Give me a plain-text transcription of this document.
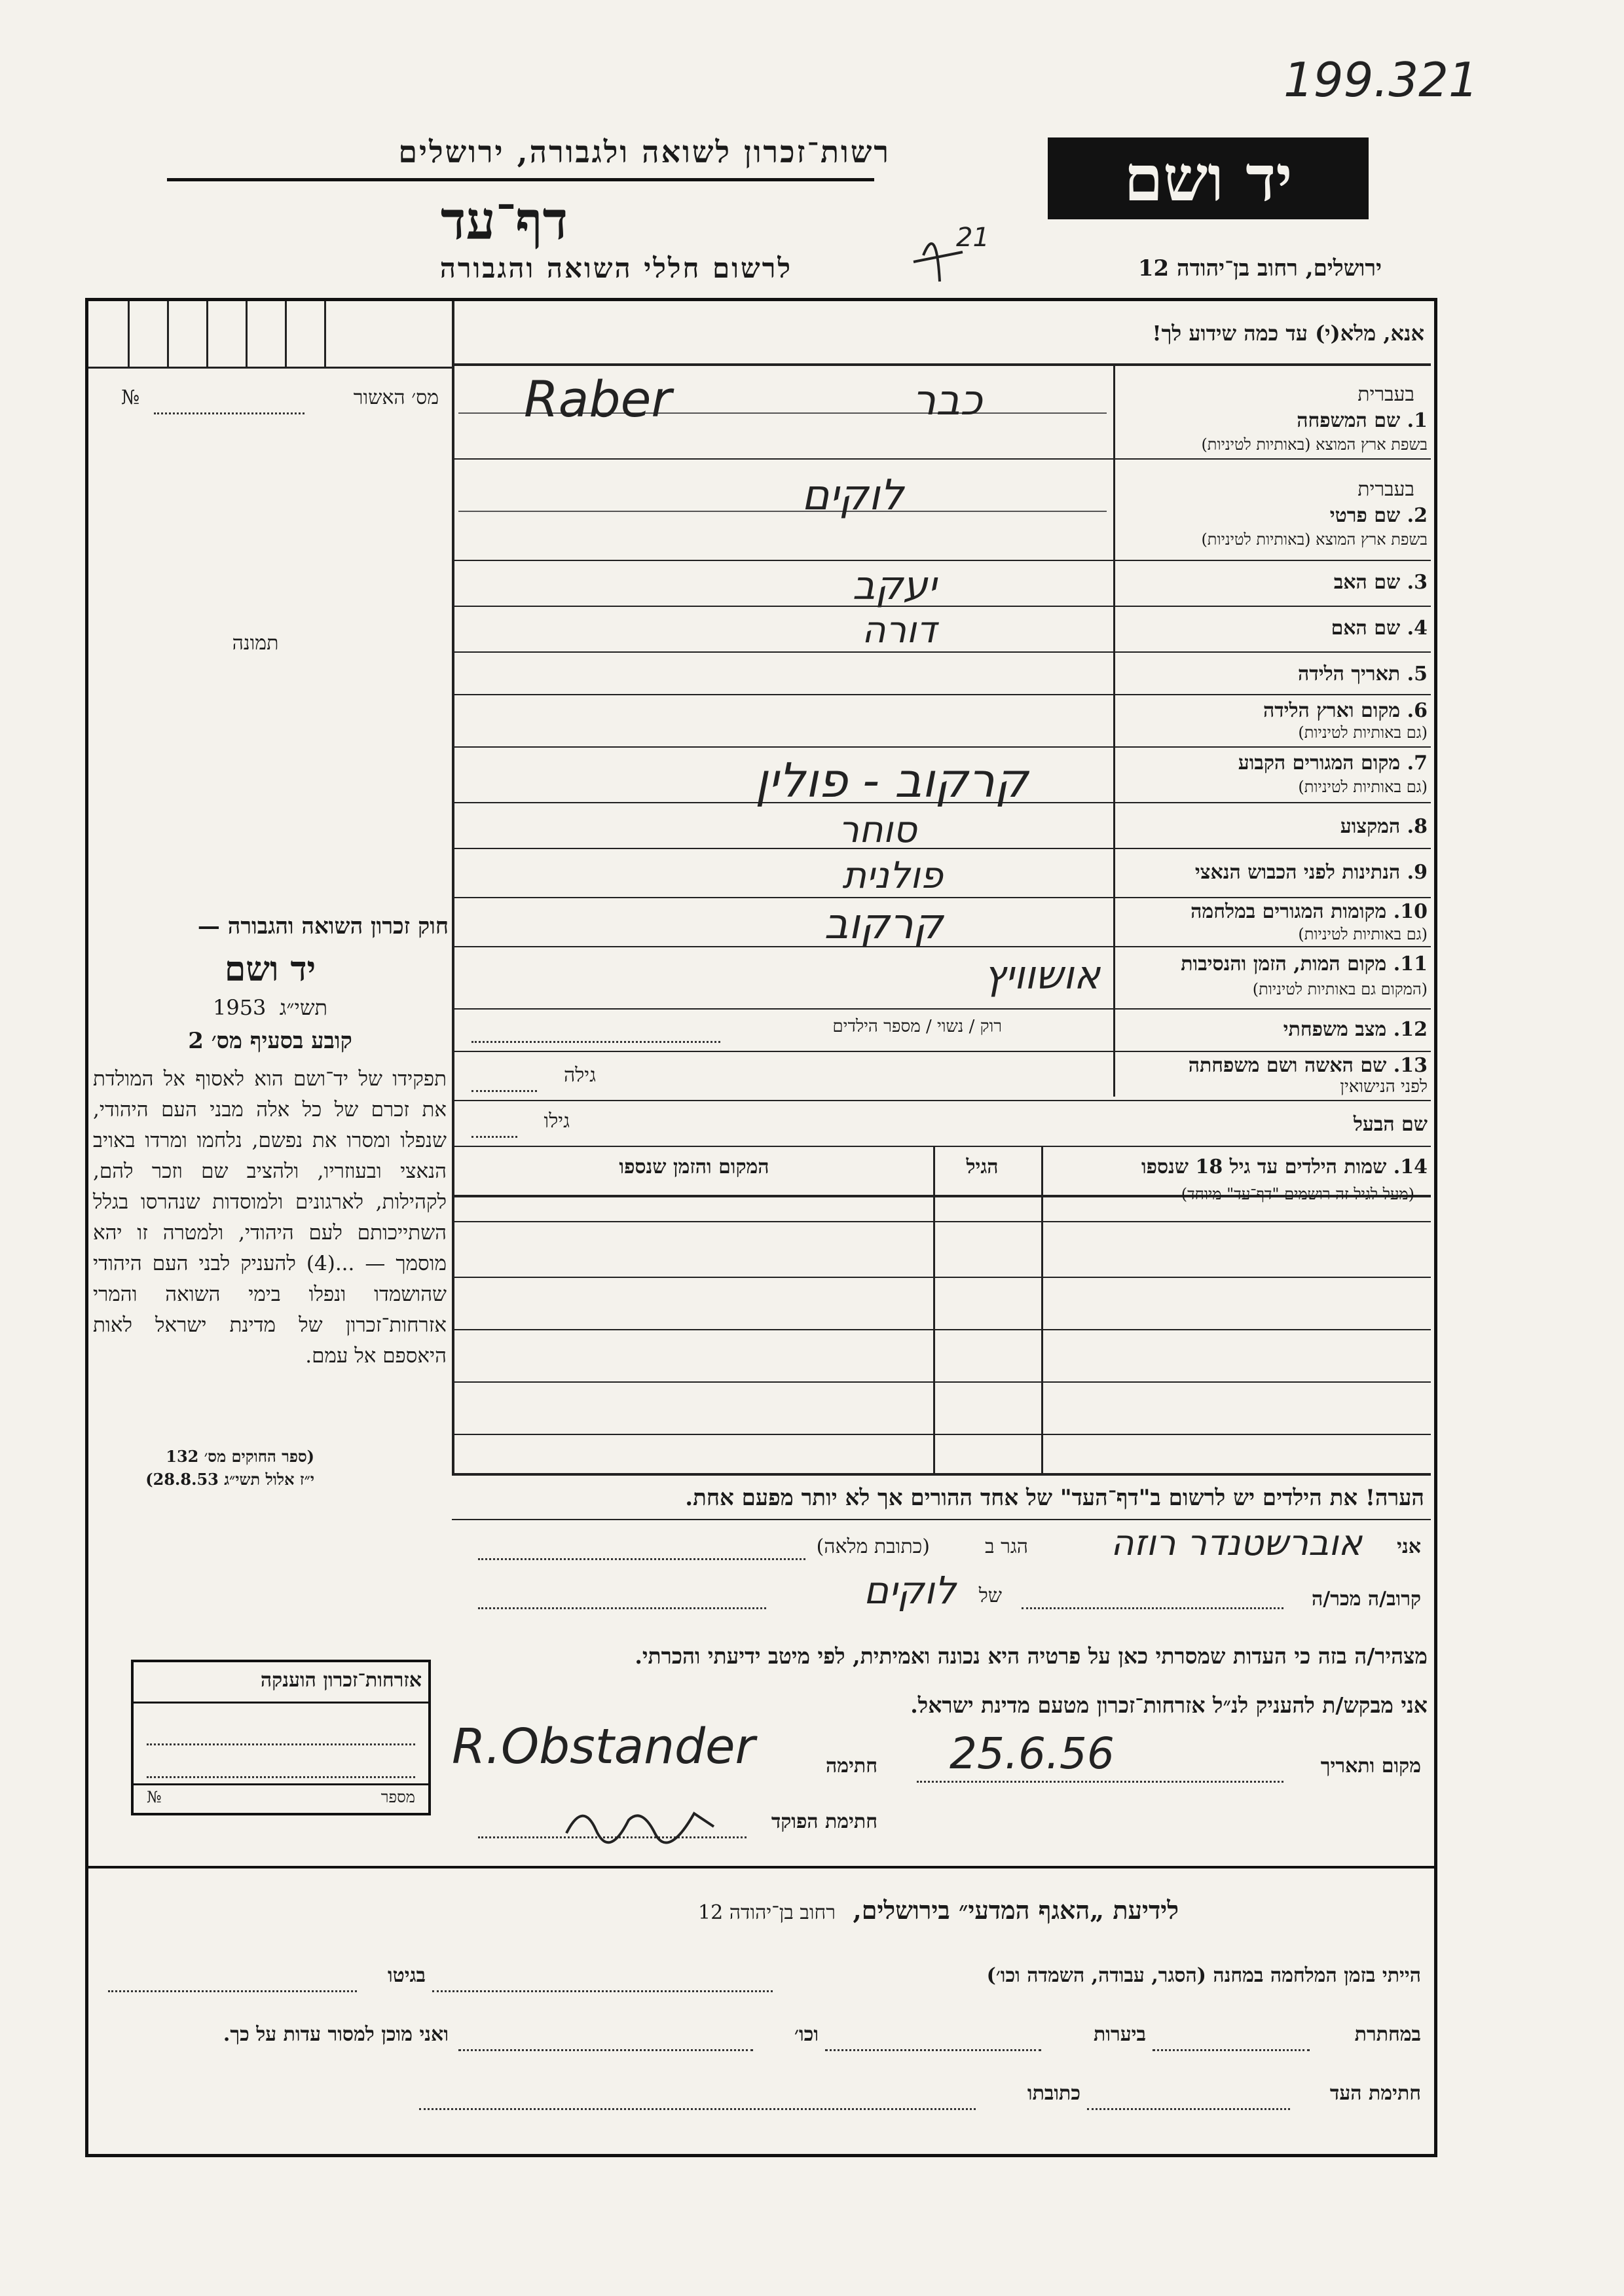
199.321
רשות־זכרון לשואה ולגבורה, ירושלים
דף־עד
לרשום חללי השואה והגבורה
יד ושם
ירושלים, רחוב בן־יהודה 12
21
מס׳ האשור
№
תמונה
חוק זכרון השואה והגבורה —
יד ושם
תשי״ג  1953
קובע בסעיף מס׳ 2
תפקידו של יד־ושם הוא לאסוף אל המולדת את זכרם של כל אלה מבני העם היהודי, שנפלו ומסרו את נפשם, נלחמו ומרדו באויב הנאצי ובעוזריו, ולהציב שם וזכר להם, לקהילות, לארגונים ולמוסדות שנהרסו בגלל השתייכותם לעם היהודי, ולמטרה זו יהא מוסמך — ...(4) להעניק לבני העם היהודי שהושמדו ונפלו בימי השואה והמרי אזרחות־זכרון של מדינת ישראל לאות היאספם אל עמם.
(ספר החוקים מס׳ 132
י״ז אלול תשי״ג 28.8.53)
אנא, מלא(י) עד כמה שידוע לך!
בעברית
1. שם המשפחה
בשפת ארץ המוצא (באותיות לטיניות)
Raber	כבר
בעברית
2. שם פרטי
בשפת ארץ המוצא (באותיות לטיניות)
לוקים
3. שם האב
יעקב
4. שם האם
דורה
5. תאריך הלידה
6. מקום וארץ הלידה
(גם באותיות לטיניות)
7. מקום המגורים הקבוע
(גם באותיות לטיניות)
קרקוב - פולין
8. המקצוע
סוחר
9. הנתינות לפני הכבוש הנאצי
פולנית
10. מקומות המגורים במלחמה
(גם באותיות לטיניות)
קרקוב
11. מקום המות, הזמן והנסיבות
(המקום גם באותיות לטיניות)
אושוויץ
12. מצב משפחתי
רוק / נשוי / מספר הילדים
13. שם האשה ושם משפחתה
לפני הנישואין
גילה
שם הבעל
גילו
14. שמות הילדים עד גיל 18 שנספו
(מעל לגיל זה רושמים "דף־עד" מיוחד)
הגיל
המקום והזמן שנספו
הערה! את הילדים יש לרשום ב"דף־העד" של אחד ההורים אך לא יותר מפעם אחת.
אני
אוברשטנדר רוזה
הגר ב
(כתובת מלאה)
קרוב/ה מכר/ה
של
לוקים
מצהיר/ה בזה כי העדות שמסרתי כאן על פרטיה היא נכונה ואמיתית, לפי מיטב ידיעתי והכרתי.
אני מבקש/ת להעניק לנ״ל אזרחות־זכרון מטעם מדינת ישראל.
מקום ותאריך
25.6.56
חתימה
R.Obstander
חתימת הפוקד
אזרחות־זכרון הוענקה
מספר
№
לידיעת „האגף המדעי״ בירושלים,  רחוב בן־יהודה 12
הייתי בזמן המלחמה במחנה (הסגר, עבודה, השמדה וכו׳)
בגיטו
במחתרת
ביערות
וכו׳
ואני מוכן למסור עדות על כך.
חתימת העד
כתובתו
